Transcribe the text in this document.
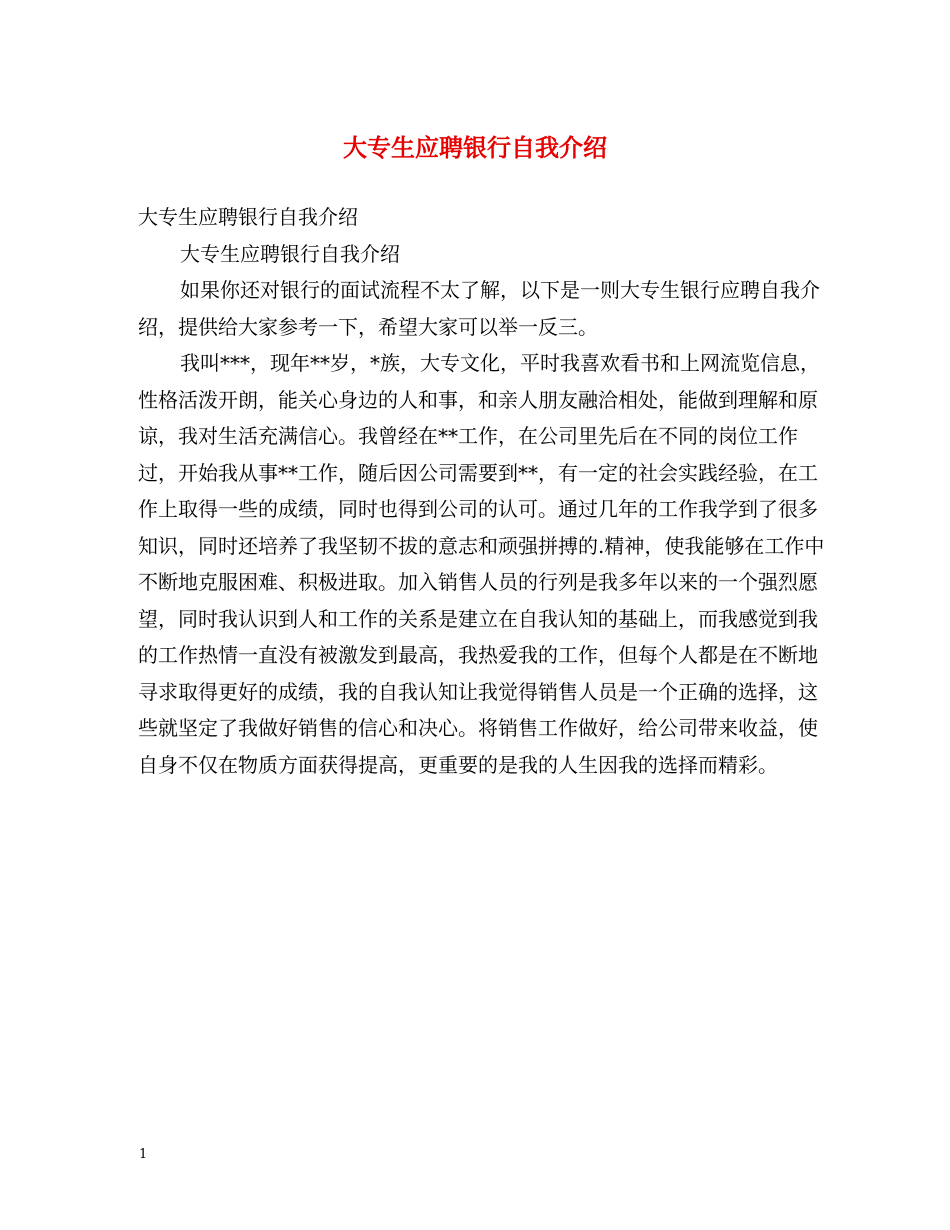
大专生应聘银行自我介绍

大专生应聘银行自我介绍

大专生应聘银行自我介绍

如果你还对银行的面试流程不太了解，以下是一则大专生银行应聘自我介绍，提供给大家参考一下，希望大家可以举一反三。

我叫***，现年**岁，*族，大专文化，平时我喜欢看书和上网流览信息，性格活泼开朗，能关心身边的人和事，和亲人朋友融洽相处，能做到理解和原谅，我对生活充满信心。我曾经在**工作，在公司里先后在不同的岗位工作过，开始我从事**工作，随后因公司需要到**，有一定的社会实践经验，在工作上取得一些的成绩，同时也得到公司的认可。通过几年的工作我学到了很多知识，同时还培养了我坚韧不拔的意志和顽强拼搏的.精神，使我能够在工作中不断地克服困难、积极进取。加入销售人员的行列是我多年以来的一个强烈愿望，同时我认识到人和工作的关系是建立在自我认知的基础上，而我感觉到我的工作热情一直没有被激发到最高，我热爱我的工作，但每个人都是在不断地寻求取得更好的成绩，我的自我认知让我觉得销售人员是一个正确的选择，这些就坚定了我做好销售的信心和决心。将销售工作做好，给公司带来收益，使自身不仅在物质方面获得提高，更重要的是我的人生因我的选择而精彩。

1
